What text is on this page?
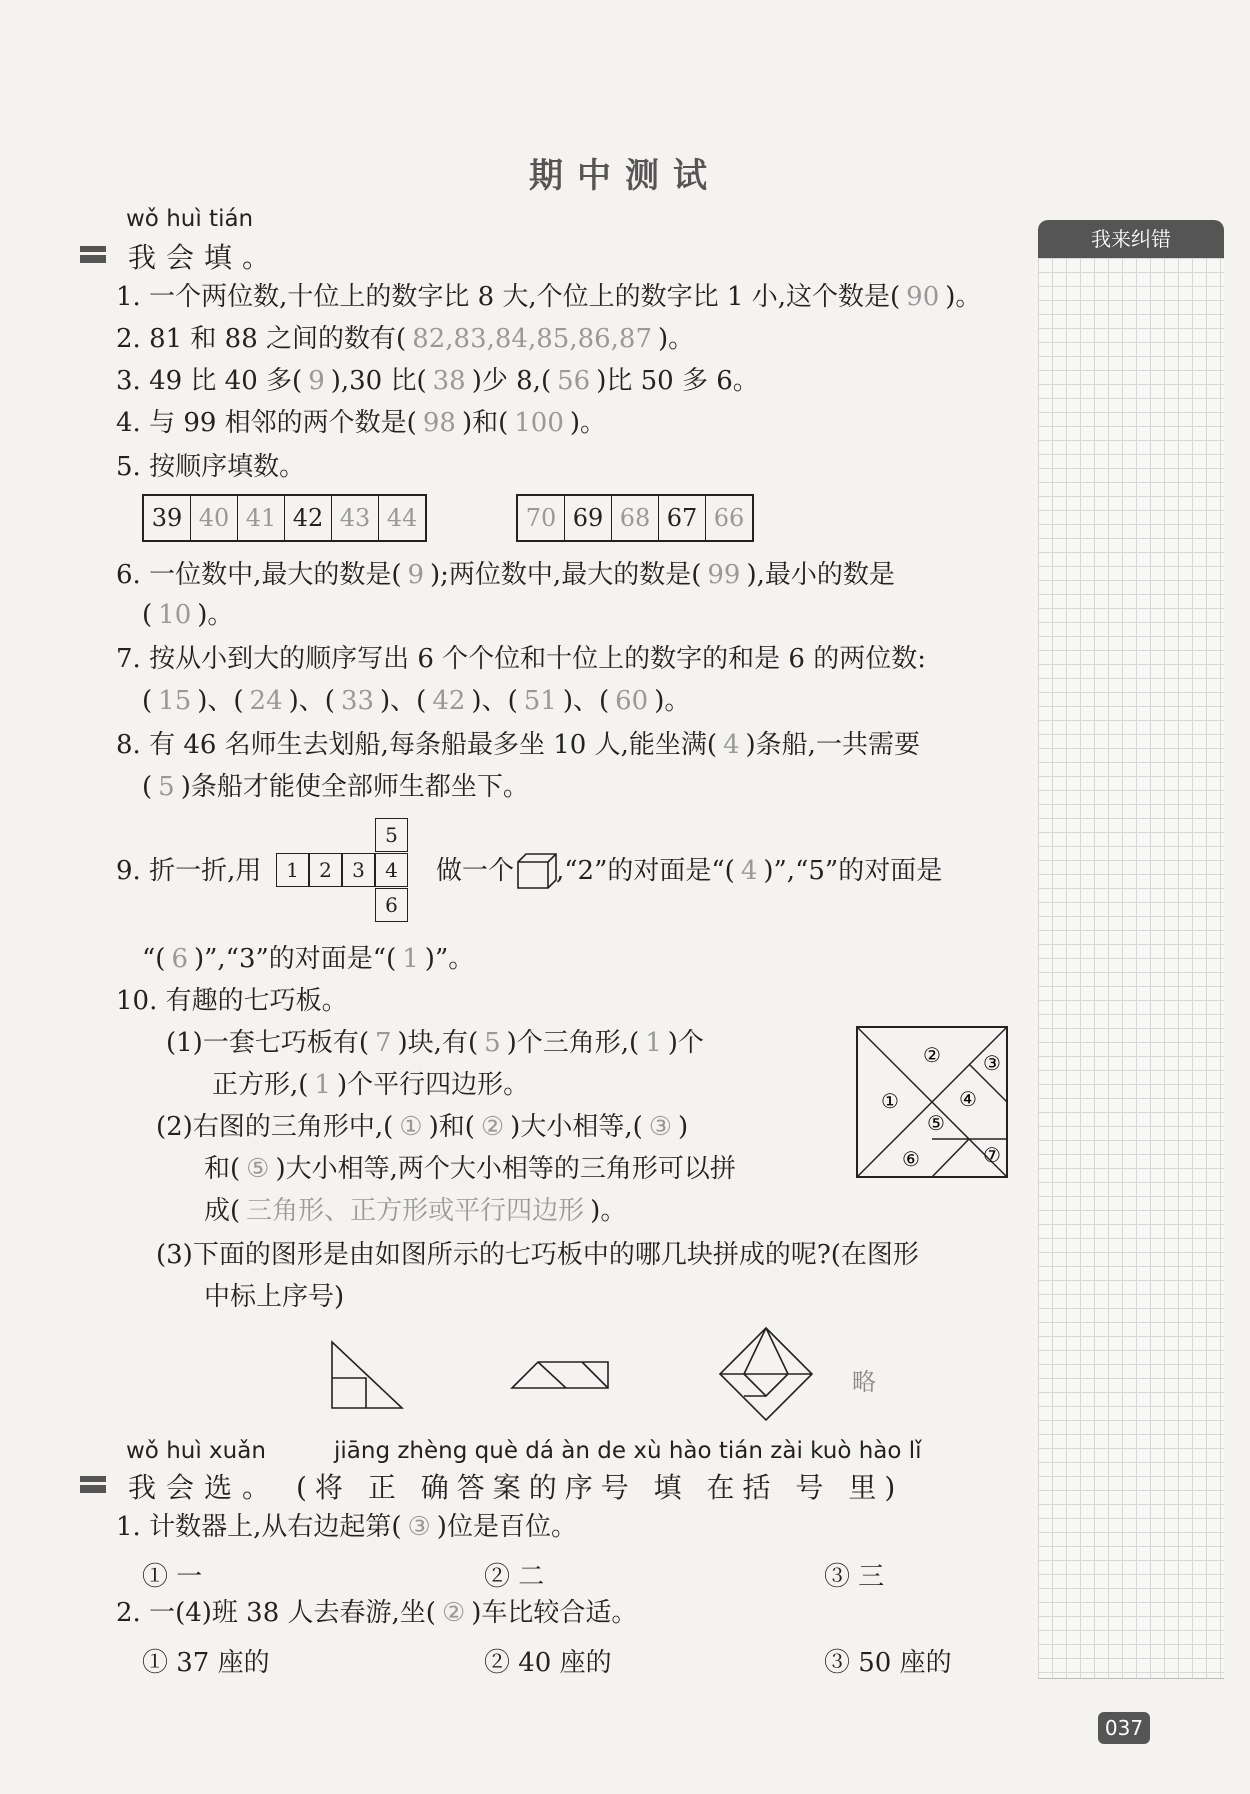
期中测试
我来纠错
wǒ huì tián
我会填。
1. 一个两位数,十位上的数字比 8 大,个位上的数字比 1 小,这个数是( 90 )。
2. 81 和 88 之间的数有( 82,83,84,85,86,87 )。
3. 49 比 40 多( 9 ),30 比( 38 )少 8,( 56 )比 50 多 6。
4. 与 99 相邻的两个数是( 98 )和( 100 )。
5. 按顺序填数。
39 40 41 42 43 44	70 69 68 67 66
6. 一位数中,最大的数是( 9 );两位数中,最大的数是( 99 ),最小的数是
( 10 )。
7. 按从小到大的顺序写出 6 个个位和十位上的数字的和是 6 的两位数:
( 15 )、( 24 )、( 33 )、( 42 )、( 51 )、( 60 )。
8. 有 46 名师生去划船,每条船最多坐 10 人,能坐满( 4 )条船,一共需要
( 5 )条船才能使全部师生都坐下。
9. 折一折,用
5
1	2	3	4
6
做一个 ,“2”的对面是“( 4 )”,“5”的对面是
“( 6 )”,“3”的对面是“( 1 )”。
10. 有趣的七巧板。
(1)一套七巧板有( 7 )块,有( 5 )个三角形,( 1 )个
正方形,( 1 )个平行四边形。
(2)右图的三角形中,( ① )和( ② )大小相等,( ③ )
和( ⑤ )大小相等,两个大小相等的三角形可以拼
成( 三角形、正方形或平行四边形 )。
①
② ③
④
⑤
⑥	⑦
(3)下面的图形是由如图所示的七巧板中的哪几块拼成的呢?(在图形
中标上序号)
略
wǒ huì xuǎn	jiāng zhèng què dá àn de xù hào tián zài kuò hào lǐ
我会选。 (将 正 确答案的序号 填 在括 号 里)
1. 计数器上,从右边起第( ③ )位是百位。
① 一	② 二	③ 三
2. 一(4)班 38 人去春游,坐( ② )车比较合适。
① 37 座的	② 40 座的	③ 50 座的
037
